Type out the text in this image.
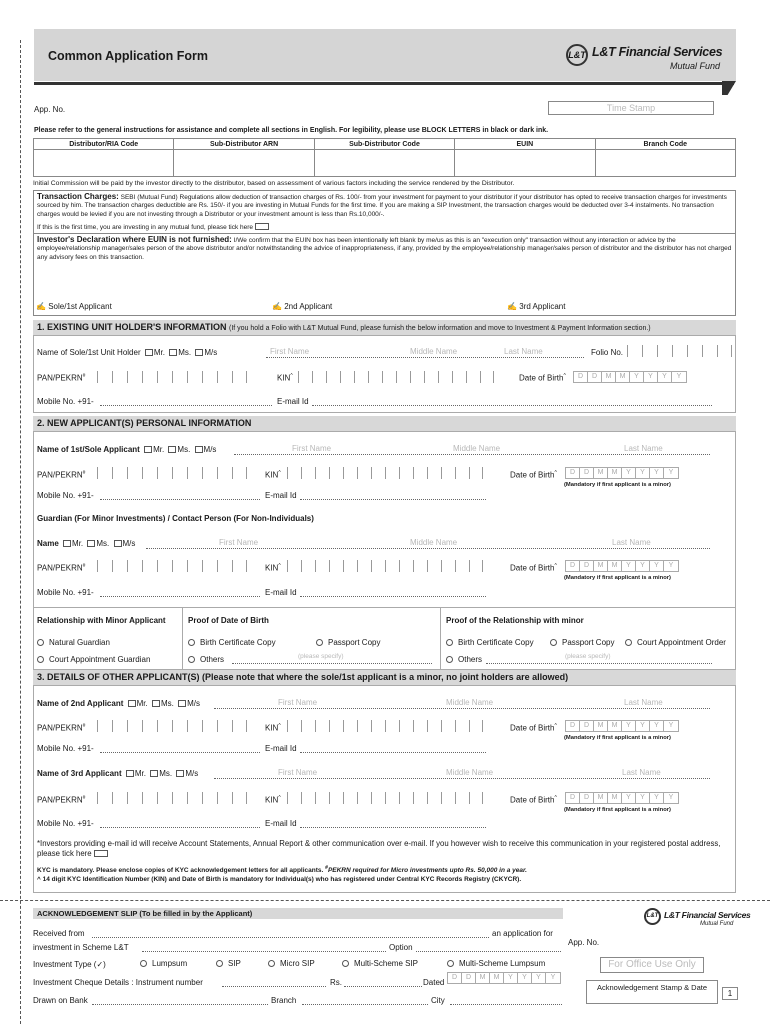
Common Application Form	L&T L&T Financial Services
Mutual Fund
App. No.	Time Stamp
Please refer to the general instructions for assistance and complete all sections in English. For legibility, please use BLOCK LETTERS in black or dark ink.
Distributor/RIA Code	Sub-Distributor ARN	Sub-Distributor Code	EUIN	Branch Code

Initial Commission will be paid by the investor directly to the distributor, based on assessment of various factors including the service rendered by the Distributor.
Transaction Charges: SEBI (Mutual Fund) Regulations allow deduction of transaction charges of Rs. 100/- from your investment for payment to your distributor if your distributor has opted to receive transaction charges for investments sourced by him. The transaction charges deductible are Rs. 150/- if you are investing in Mutual Funds for the first time. If you are making a SIP Investment, the transaction charges would be deducted over 3-4 instalments. No transaction charges would be levied if you are not investing through a Distributor or your investment amount is less than Rs.10,000/-.
If this is the first time, you are investing in any mutual fund, please tick here
Investor's Declaration where EUIN is not furnished: I/We confirm that the EUIN box has been intentionally left blank by me/us as this is an "execution only" transaction without any interaction or advice by the employee/relationship manager/sales person of the above distributor and/or notwithstanding the advice of inappropriateness, if any, provided by the employee/relationship manager/sales person of distributor and the distributor has not charged any advisory fees on this transaction.
✍ Sole/1st Applicant	✍ 2nd Applicant	✍ 3rd Applicant
1. EXISTING UNIT HOLDER'S INFORMATION (If you hold a Folio with L&T Mutual Fund, please furnish the below information and move to Investment & Payment Information section.)
Name of Sole/1st Unit Holder Mr. Ms. M/s	First Name	Middle Name	Last Name	Folio No.
PAN/PEKRN#	KIN^	Date of Birth^	D	D	M	M	Y	Y	Y	Y
Mobile No. +91-	E-mail Id
2. NEW APPLICANT(S) PERSONAL INFORMATION
Name of 1st/Sole Applicant Mr. Ms. M/s	First Name	Middle Name	Last Name
PAN/PEKRN#	KIN^	Date of Birth^	D	D	M	M	Y	Y	Y	Y
(Mandatory if first applicant is a minor)
Mobile No. +91-	E-mail Id
Guardian (For Minor Investments) / Contact Person (For Non-Individuals)
Name Mr. Ms. M/s	First Name	Middle Name	Last Name
PAN/PEKRN#	KIN^	Date of Birth^	D	D	M	M	Y	Y	Y	Y
(Mandatory if first applicant is a minor)
Mobile No. +91-	E-mail Id
Relationship with Minor Applicant	Proof of Date of Birth	Proof of the Relationship with minor
Natural Guardian
Court Appointment Guardian
Birth Certificate Copy	Passport Copy
Others	(please specify)
Birth Certificate Copy	Passport Copy	Court Appointment Order
Others	(please specify)
3. DETAILS OF OTHER APPLICANT(S) (Please note that where the sole/1st applicant is a minor, no joint holders are allowed)
Name of 2nd Applicant Mr. Ms. M/s	First Name	Middle Name	Last Name
PAN/PEKRN#	KIN^	Date of Birth^	D	D	M	M	Y	Y	Y	Y
(Mandatory if first applicant is a minor)
Mobile No. +91-	E-mail Id
Name of 3rd Applicant Mr. Ms. M/s	First Name	Middle Name	Last Name
PAN/PEKRN#	KIN^	Date of Birth^	D	D	M	M	Y	Y	Y	Y
(Mandatory if first applicant is a minor)
Mobile No. +91-	E-mail Id
*Investors providing e-mail id will receive Account Statements, Annual Report & other communication over e-mail. If you however wish to receive this communication in your registered postal address, please tick here
KYC is mandatory. Please enclose copies of KYC acknowledgement letters for all applicants. #PEKRN required for Micro investments upto Rs. 50,000 in a year.
^ 14 digit KYC Identification Number (KIN) and Date of Birth is mandatory for Individual(s) who has registered under Central KYC Records Registry (CKYCR).
ACKNOWLEDGEMENT SLIP (To be filled in by the Applicant)	L&T L&T Financial Services
Mutual Fund
Received from	an application for
App. No.
investment in Scheme L&T	Option
Investment Type (✓)	Lumpsum	SIP	Micro SIP	Multi-Scheme SIP	Multi-Scheme Lumpsum
Investment Cheque Details : Instrument number	Rs.	Dated
D	D	M	M	Y	Y	Y	Y
Drawn on Bank	Branch	City
For Office Use Only
Acknowledgement Stamp & Date
1
